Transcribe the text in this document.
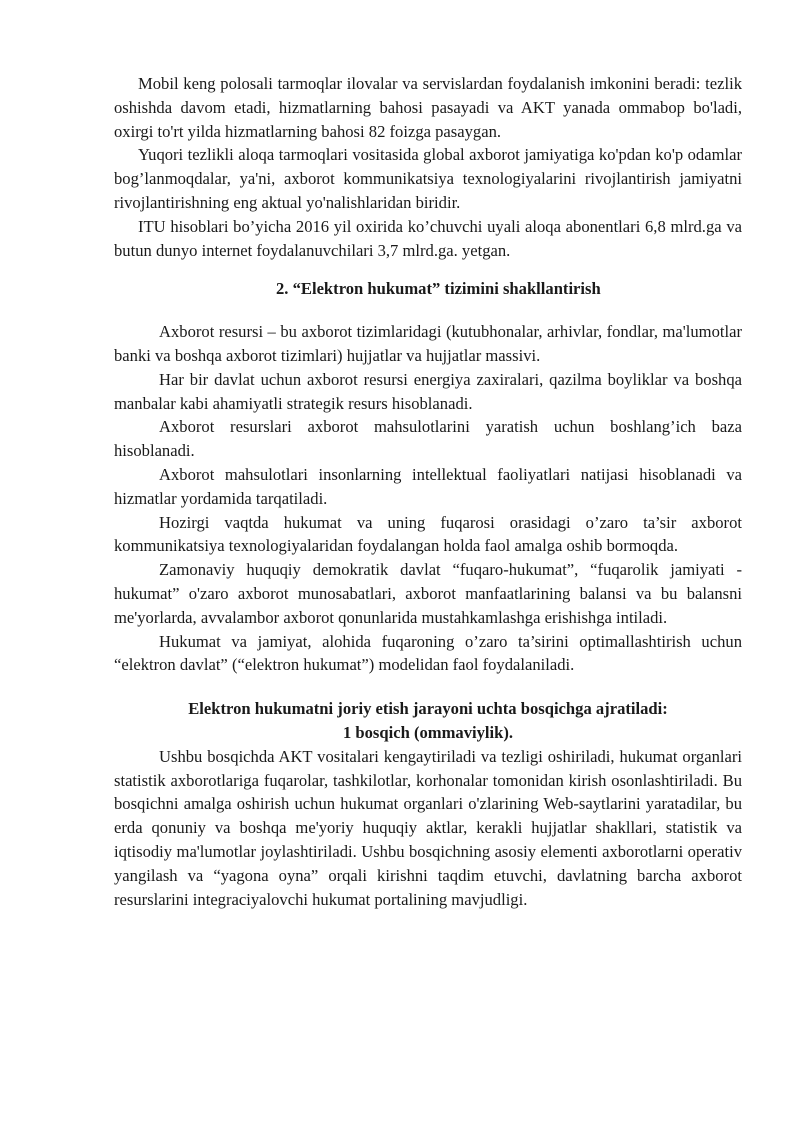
Mobil keng polosali tarmoqlar ilovalar va servislardan foydalanish imkonini beradi: tezlik oshishda davom etadi, hizmatlarning bahosi pasayadi va AKT yanada ommabop bo'ladi, oxirgi to'rt yilda hizmatlarning bahosi 82 foizga pasaygan.

Yuqori tezlikli aloqa tarmoqlari vositasida global axborot jamiyatiga ko'pdan ko'p odamlar bog’lanmoqdalar, ya'ni, axborot kommunikatsiya texnologiyalarini rivojlantirish jamiyatni rivojlantirishning eng aktual yo'nalishlaridan biridir.

ITU hisoblari bo’yicha 2016 yil oxirida ko’chuvchi uyali aloqa abonentlari 6,8 mlrd.ga va butun dunyo internet foydalanuvchilari 3,7 mlrd.ga. yetgan.

2. “Elektron hukumat” tizimini shakllantirish

Axborot resursi – bu axborot tizimlaridagi (kutubhonalar, arhivlar, fondlar, ma'lumotlar banki va boshqa axborot tizimlari) hujjatlar va hujjatlar massivi.

Har bir davlat uchun axborot resursi energiya zaxiralari, qazilma boyliklar va boshqa manbalar kabi ahamiyatli strategik resurs hisoblanadi.

Axborot resurslari axborot mahsulotlarini yaratish uchun boshlang’ich baza hisoblanadi.

Axborot mahsulotlari insonlarning intellektual faoliyatlari natijasi hisoblanadi va hizmatlar yordamida tarqatiladi.

Hozirgi vaqtda hukumat va uning fuqarosi orasidagi o’zaro ta’sir axborot kommunikatsiya texnologiyalaridan foydalangan holda faol amalga oshib bormoqda.

Zamonaviy huquqiy demokratik davlat “fuqaro-hukumat”, “fuqarolik jamiyati - hukumat” o'zaro axborot munosabatlari, axborot manfaatlarining balansi va bu balansni me'yorlarda, avvalambor axborot qonunlarida mustahkamlashga erishishga intiladi.

Hukumat va jamiyat, alohida fuqaroning o’zaro ta’sirini optimallashtirish uchun “elektron davlat” (“elektron hukumat”) modelidan faol foydalaniladi.

Elektron hukumatni joriy etish jarayoni uchta bosqichga ajratiladi:

1 bosqich (ommaviylik).

Ushbu bosqichda AKT vositalari kengaytiriladi va tezligi oshiriladi, hukumat organlari statistik axborotlariga fuqarolar, tashkilotlar, korhonalar tomonidan kirish osonlashtiriladi. Bu bosqichni amalga oshirish uchun hukumat organlari o'zlarining Web-saytlarini yaratadilar, bu erda qonuniy va boshqa me'yoriy huquqiy aktlar, kerakli hujjatlar shakllari, statistik va iqtisodiy ma'lumotlar joylashtiriladi. Ushbu bosqichning asosiy elementi axborotlarni operativ yangilash va “yagona oyna” orqali kirishni taqdim etuvchi, davlatning barcha axborot resurslarini integraciyalovchi hukumat portalining mavjudligi.
